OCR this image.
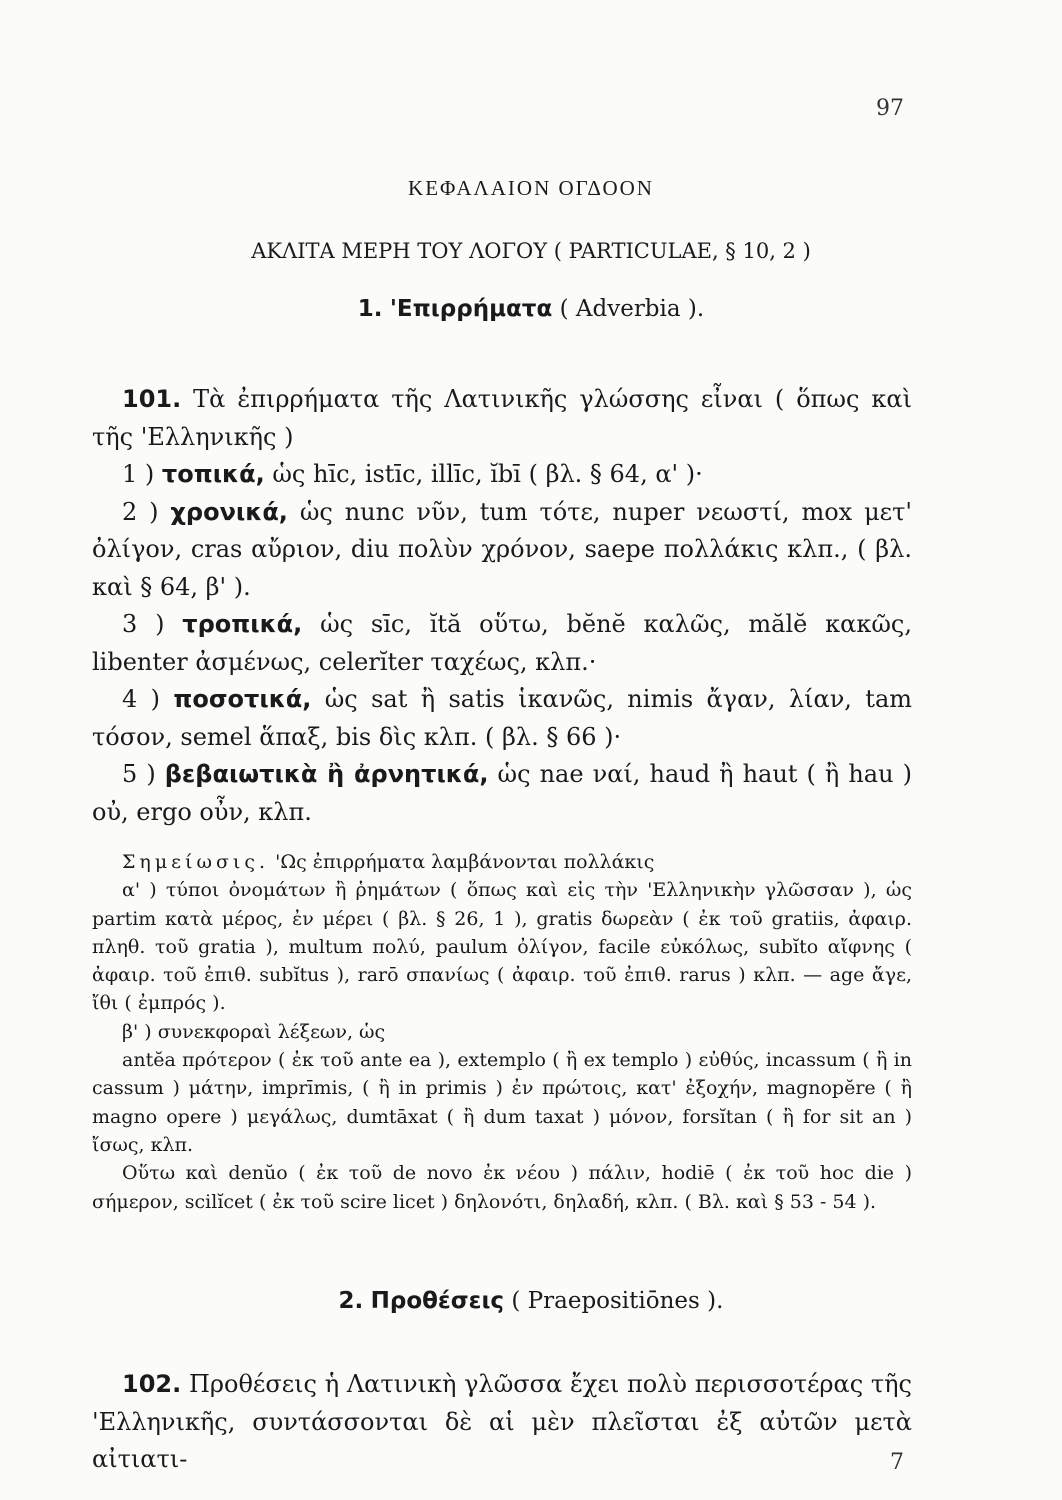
97
ΚΕΦΑΛΑΙΟΝ ΟΓΔΟΟΝ
ΑΚΛΙΤΑ ΜΕΡΗ ΤΟΥ ΛΟΓΟΥ ( PARTICULAE, § 10, 2 )
1. 'Επιρρήματα ( Adverbia ).

101. Τὰ ἐπιρρήματα τῆς Λατινικῆς γλώσσης εἶναι ( ὅπως καὶ τῆς 'Ελληνικῆς )

1 ) τοπικά, ὡς hīc, istīc, illīc, ĭbī ( βλ. § 64, α' )·

2 ) χρονικά, ὡς nunc νῦν, tum τότε, nuper νεωστί, mox μετ' ὀλίγον, cras αὔριον, diu πολὺν χρόνον, saepe πολλάκις κλπ., ( βλ. καὶ § 64, β' ).

3 ) τροπικά, ὡς sīc, ĭtă οὕτω, bĕnĕ καλῶς, mălĕ κακῶς, libenter ἀσμένως, celerĭter ταχέως, κλπ.·

4 ) ποσοτικά, ὡς sat ἢ satis ἱκανῶς, nimis ἄγαν, λίαν, tam τόσον, semel ἅπαξ, bis δὶς κλπ. ( βλ. § 66 )·

5 ) βεβαιωτικὰ ἢ ἀρνητικά, ὡς nae ναί, haud ἢ haut ( ἢ hau ) οὐ, ergo οὖν, κλπ.

Σημείωσις. 'Ως ἐπιρρήματα λαμβάνονται πολλάκις

α' ) τύποι ὀνομάτων ἢ ῥημάτων ( ὅπως καὶ εἰς τὴν 'Ελληνικὴν γλῶσσαν ), ὡς partim κατὰ μέρος, ἐν μέρει ( βλ. § 26, 1 ), gratis δωρεὰν ( ἐκ τοῦ gratiis, ἀφαιρ. πληθ. τοῦ gratia ), multum πολύ, paulum ὀλίγον, facile εὐκόλως, subĭto αἴφνης ( ἀφαιρ. τοῦ ἐπιθ. subĭtus ), rarō σπανίως ( ἀφαιρ. τοῦ ἐπιθ. rarus ) κλπ. — age ἄγε, ἴθι ( ἐμπρός ).

β' ) συνεκφοραὶ λέξεων, ὡς

antĕa πρότερον ( ἐκ τοῦ ante ea ), extemplo ( ἢ ex templo ) εὐθύς, incassum ( ἢ in cassum ) μάτην, imprīmis, ( ἢ in primis ) ἐν πρώτοις, κατ' ἐξοχήν, magnopĕre ( ἢ magno opere ) μεγάλως, dumtāxat ( ἢ dum taxat ) μόνον, forsĭtan ( ἢ for sit an ) ἴσως, κλπ.

Οὕτω καὶ denŭo ( ἐκ τοῦ de novo ἐκ νέου ) πάλιν, hodiē ( ἐκ τοῦ hoc die ) σήμερον, scilĭcet ( ἐκ τοῦ scire licet ) δηλονότι, δηλαδή, κλπ. ( Βλ. καὶ § 53 - 54 ).

2. Προθέσεις ( Praepositiōnes ).

102. Προθέσεις ἡ Λατινικὴ γλῶσσα ἔχει πολὺ περισσοτέρας τῆς 'Ελληνικῆς, συντάσσονται δὲ αἱ μὲν πλεῖσται ἐξ αὐτῶν μετὰ αἰτιατι-	7
